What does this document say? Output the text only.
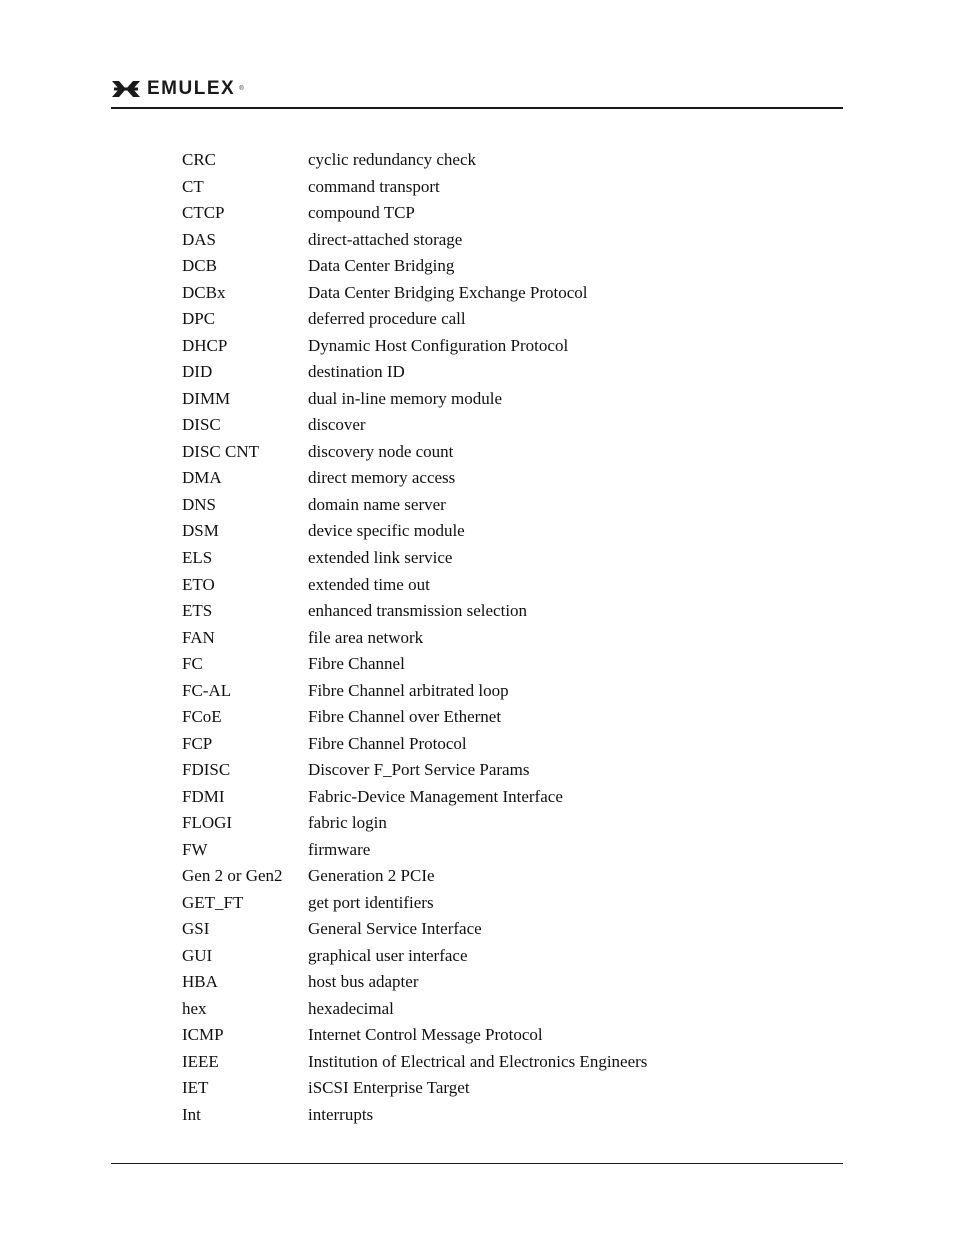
EMULEX ®
CRC	cyclic redundancy check
CT	command transport
CTCP	compound TCP
DAS	direct-attached storage
DCB	Data Center Bridging
DCBx	Data Center Bridging Exchange Protocol
DPC	deferred procedure call
DHCP	Dynamic Host Configuration Protocol
DID	destination ID
DIMM	dual in-line memory module
DISC	discover
DISC CNT	discovery node count
DMA	direct memory access
DNS	domain name server
DSM	device specific module
ELS	extended link service
ETO	extended time out
ETS	enhanced transmission selection
FAN	file area network
FC	Fibre Channel
FC-AL	Fibre Channel arbitrated loop
FCoE	Fibre Channel over Ethernet
FCP	Fibre Channel Protocol
FDISC	Discover F_Port Service Params
FDMI	Fabric-Device Management Interface
FLOGI	fabric login
FW	firmware
Gen 2 or Gen2	Generation 2 PCIe
GET_FT	get port identifiers
GSI	General Service Interface
GUI	graphical user interface
HBA	host bus adapter
hex	hexadecimal
ICMP	Internet Control Message Protocol
IEEE	Institution of Electrical and Electronics Engineers
IET	iSCSI Enterprise Target
Int	interrupts
